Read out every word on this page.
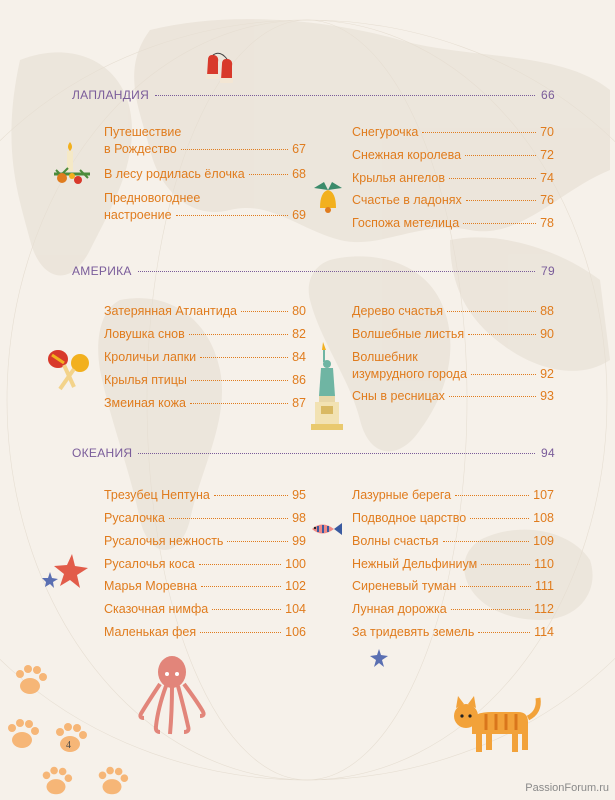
ЛАПЛАНДИЯ	66
АМЕРИКА	79
ОКЕАНИЯ	94
Путешествие
в Рождество	67
В лесу родилась ёлочка	68
Предновогоднее
настроение	69
Снегурочка	70
Снежная королева	72
Крылья ангелов	74
Счастье в ладонях	76
Госпожа метелица	78
Затерянная Атлантида	80
Ловушка снов	82
Кроличьи лапки	84
Крылья птицы	86
Змеиная кожа	87
Дерево счастья	88
Волшебные листья	90
Волшебник
изумрудного города	92
Сны в ресницах	93
Трезубец Нептуна	95
Русалочка	98
Русалочья нежность	99
Русалочья коса	100
Марья Моревна	102
Сказочная нимфа	104
Маленькая фея	106
Лазурные берега	107
Подводное царство	108
Волны счастья	109
Нежный Дельфиниум	110
Сиреневый туман	111
Лунная дорожка	112
За тридевять земель	114
4
PassionForum.ru
